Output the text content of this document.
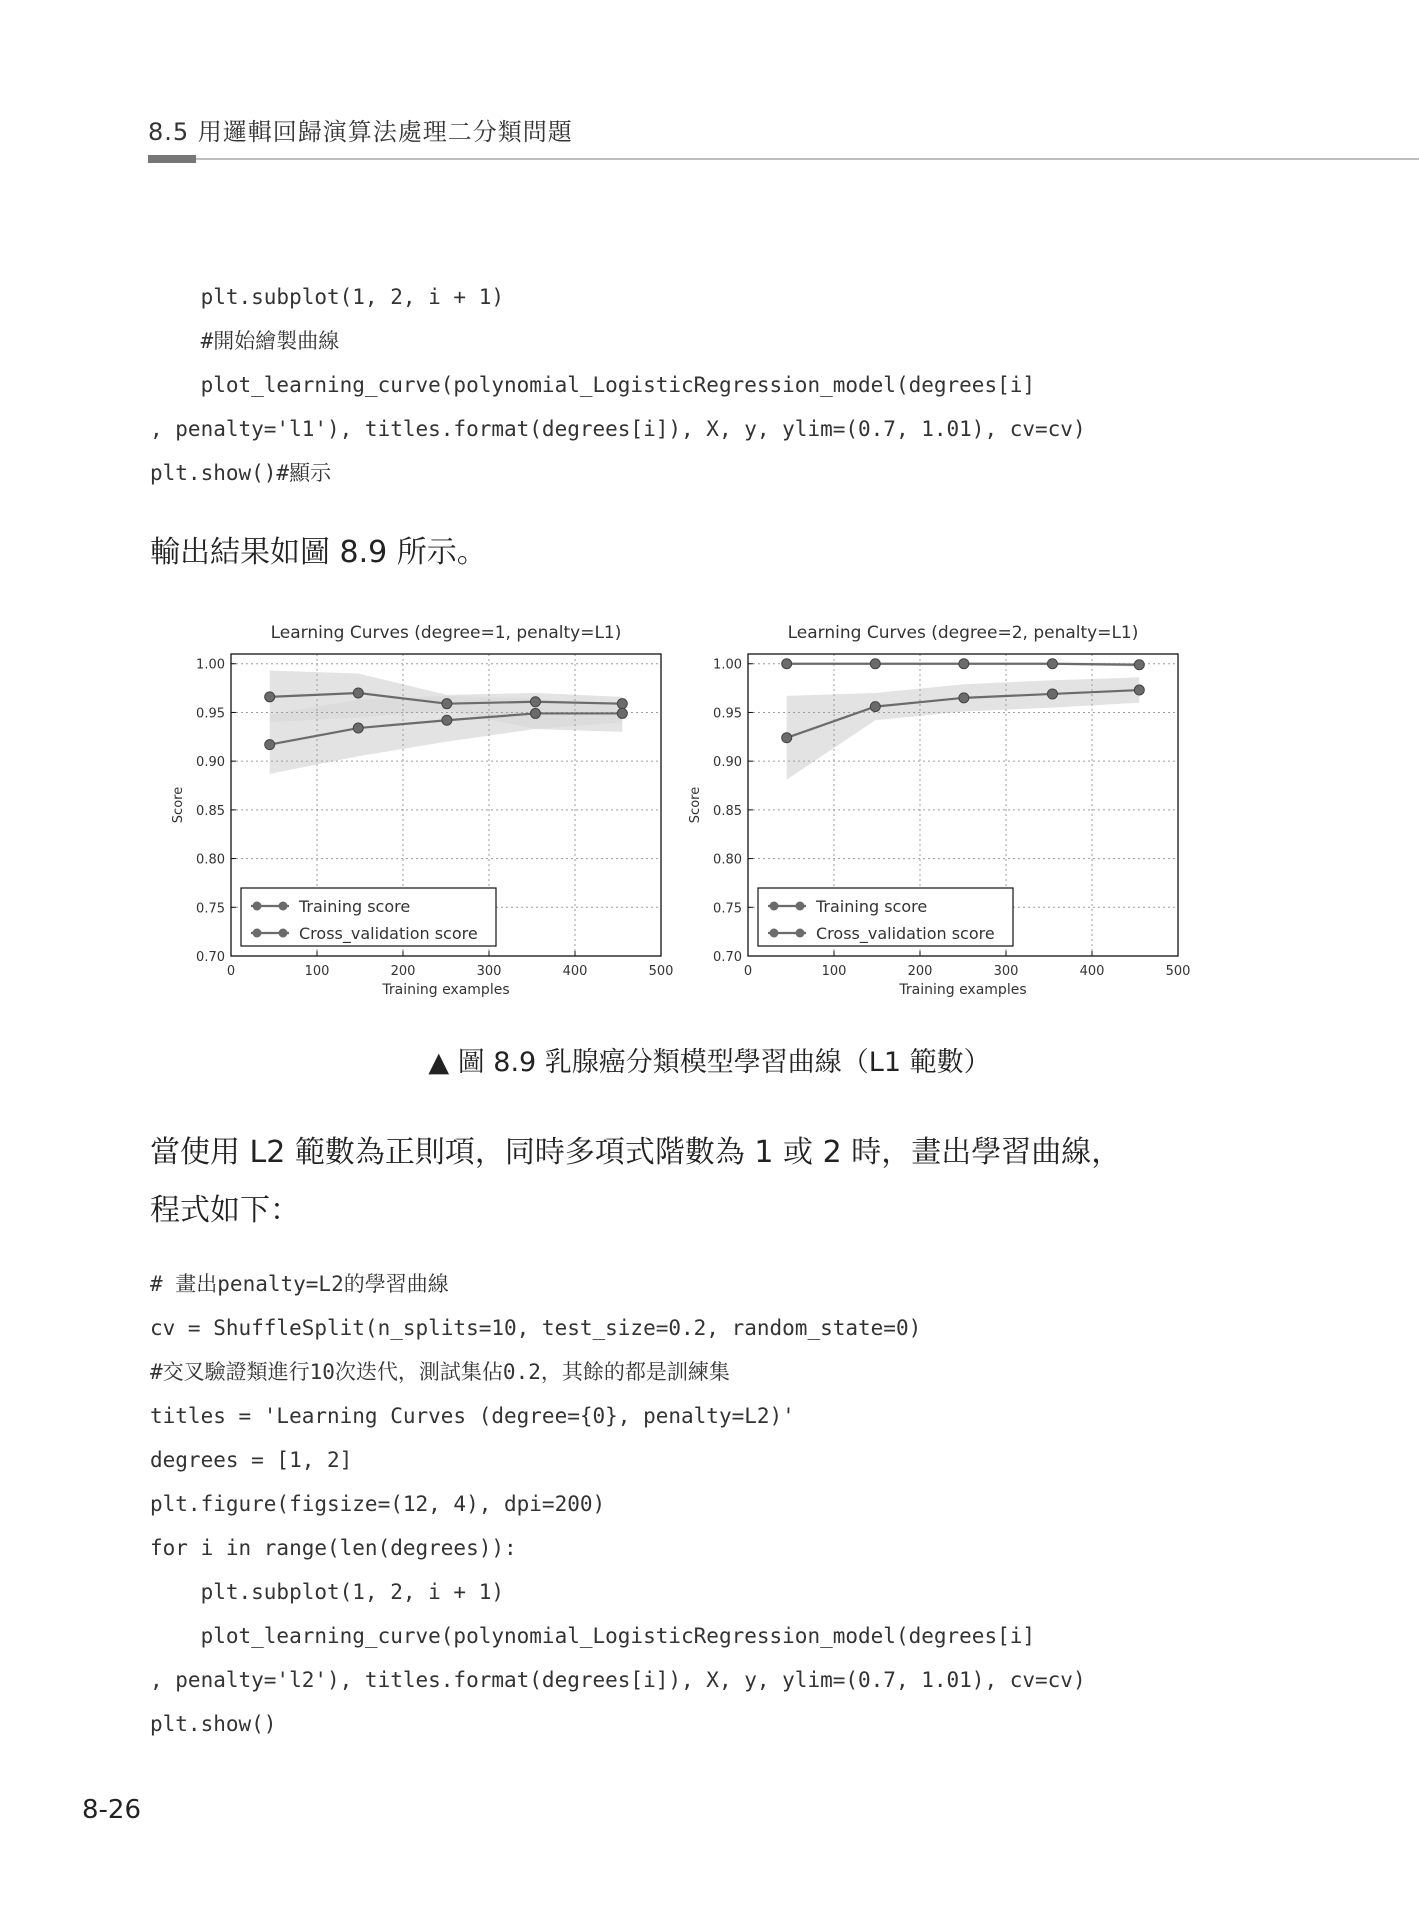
8.5 用邏輯回歸演算法處理二分類問題
plt.subplot(1, 2, i + 1)
#開始繪製曲線
plot_learning_curve(polynomial_LogisticRegression_model(degrees[i]
, penalty='l1'), titles.format(degrees[i]), X, y, ylim=(0.7, 1.01), cv=cv)
plt.show()#顯示

輸出結果如圖 8.9 所示。

Learning Curves (degree=1, penalty=L1)
0	100	200	300	400	500
0.70
0.75
0.80
0.85
0.90
0.95
1.00
Training examples
Score
Training score
Cross_validation score
Learning Curves (degree=2, penalty=L1)
0	100	200	300	400	500
0.70
0.75
0.80
0.85
0.90
0.95
1.00
Training examples
Score
Training score
Cross_validation score
▲ 圖 8.9 乳腺癌分類模型學習曲線（L1 範數）
當使用 L2 範數為正則項，同時多項式階數為 1 或 2 時，畫出學習曲線，
程式如下：
# 畫出penalty=L2的學習曲線
cv = ShuffleSplit(n_splits=10, test_size=0.2, random_state=0)
#交叉驗證類進行10次迭代，測試集佔0.2，其餘的都是訓練集
titles = 'Learning Curves (degree={0}, penalty=L2)'
degrees = [1, 2]
plt.figure(figsize=(12, 4), dpi=200)
for i in range(len(degrees)):
plt.subplot(1, 2, i + 1)
plot_learning_curve(polynomial_LogisticRegression_model(degrees[i]
, penalty='l2'), titles.format(degrees[i]), X, y, ylim=(0.7, 1.01), cv=cv)
plt.show()
8-26
